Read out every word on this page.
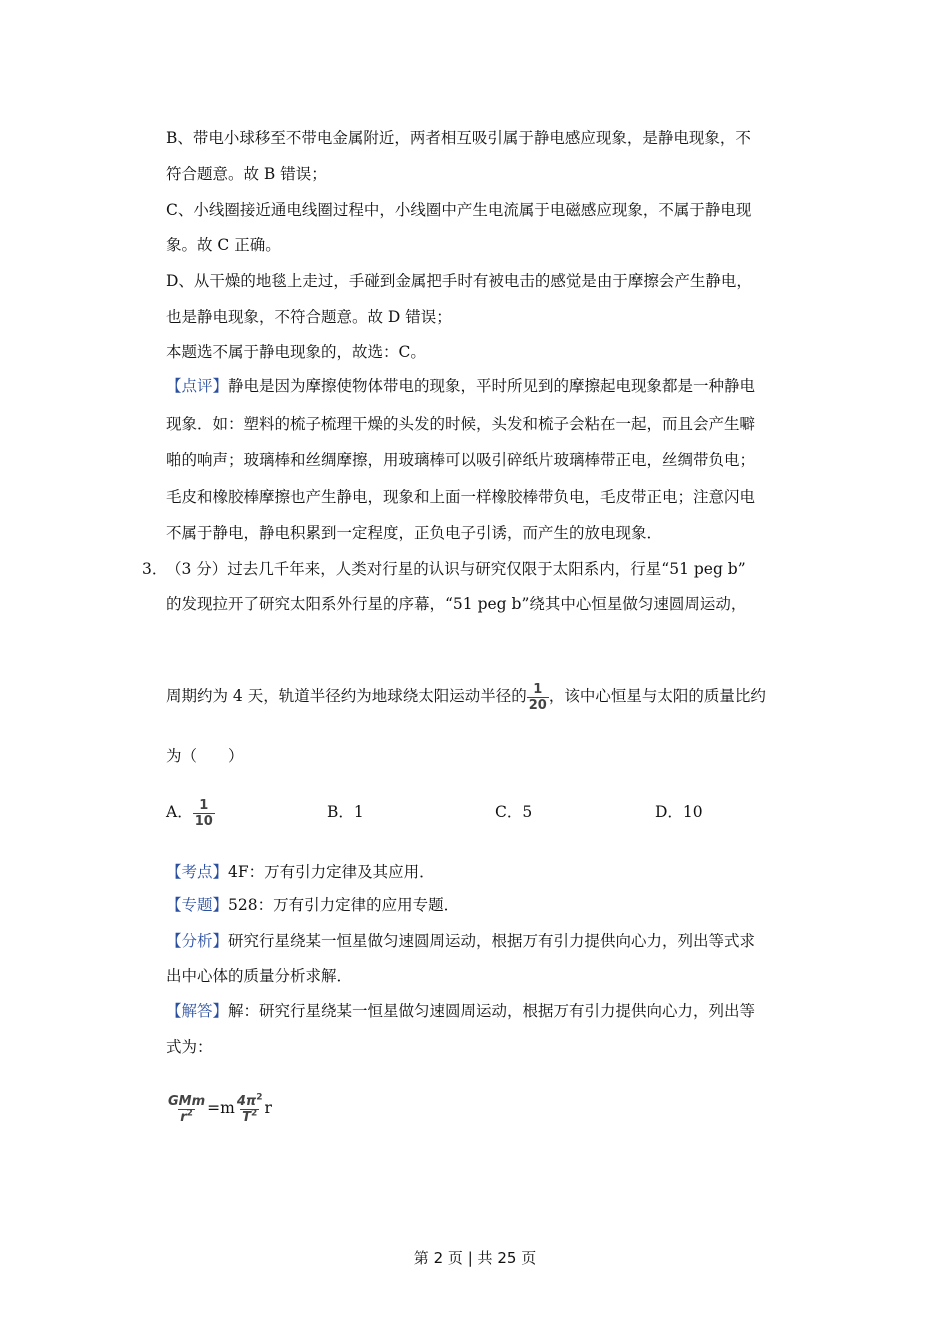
B、带电小球移至不带电金属附近，两者相互吸引属于静电感应现象，是静电现象，不
符合题意。故 B 错误；
C、小线圈接近通电线圈过程中，小线圈中产生电流属于电磁感应现象，不属于静电现
象。故 C 正确。
D、从干燥的地毯上走过，手碰到金属把手时有被电击的感觉是由于摩擦会产生静电，
也是静电现象，不符合题意。故 D 错误；
本题选不属于静电现象的，故选：C。
【点评】静电是因为摩擦使物体带电的现象，平时所见到的摩擦起电现象都是一种静电
现象．如：塑料的梳子梳理干燥的头发的时候，头发和梳子会粘在一起，而且会产生噼
啪的响声；玻璃棒和丝绸摩擦，用玻璃棒可以吸引碎纸片玻璃棒带正电，丝绸带负电；
毛皮和橡胶棒摩擦也产生静电，现象和上面一样橡胶棒带负电，毛皮带正电；注意闪电
不属于静电，静电积累到一定程度，正负电子引诱，而产生的放电现象．
3．
（3 分）过去几千年来，人类对行星的认识与研究仅限于太阳系内，行星“51 peg b”
的发现拉开了研究太阳系外行星的序幕，“51 peg b”绕其中心恒星做匀速圆周运动，
周期约为 4 天，轨道半径约为地球绕太阳运动半径的 $\frac{1}{20}$ ，该中心恒星与太阳的质量比约
为（　　）
A． $\frac{1}{10}$	B．1	C．5	D．10
【考点】4F：万有引力定律及其应用．
【专题】528：万有引力定律的应用专题．
【分析】研究行星绕某一恒星做匀速圆周运动，根据万有引力提供向心力，列出等式求
出中心体的质量分析求解．
【解答】解：研究行星绕某一恒星做匀速圆周运动，根据万有引力提供向心力，列出等
式为：
$\frac{\text{GMm}}{r^2} =m \frac{4\pi^2}{T^2}$ r
第 2 页 | 共 25 页
